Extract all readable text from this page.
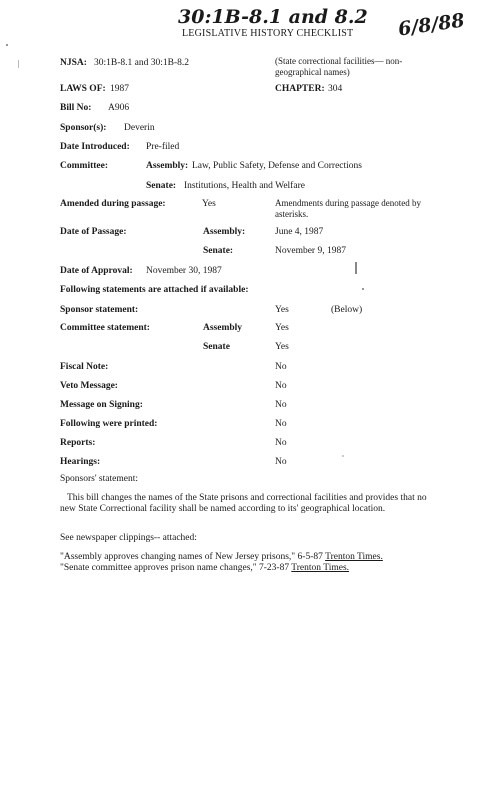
30:1B-8.1 and 8.2 6/8/88
LEGISLATIVE HISTORY CHECKLIST
NJSA: 30:1B-8.1 and 30:1B-8.2	(State correctional facilities— non-geographical names)
LAWS OF: 1987	CHAPTER: 304
Bill No: A906
Sponsor(s): Deverin
Date Introduced: Pre-filed
Committee:	Assembly: Law, Public Safety, Defense and Corrections
Senate: Institutions, Health and Welfare
Amended during passage:	Yes	Amendments during passage denoted by asterisks.
Date of Passage:	Assembly:	June 4, 1987
Senate:	November 9, 1987
Date of Approval: November 30, 1987
Following statements are attached if available:
Sponsor statement:	Yes	(Below)
Committee statement:	Assembly	Yes
Senate	Yes
Fiscal Note:	No
Veto Message:	No
Message on Signing:	No
Following were printed:	No
Reports:	No
Hearings:	No
Sponsors' statement:
This bill changes the names of the State prisons and correctional facilities and provides that no new State Correctional facility shall be named according to its' geographical location.
See newspaper clippings-- attached:
"Assembly approves changing names of New Jersey prisons," 6-5-87 Trenton Times.
"Senate committee approves prison name changes," 7-23-87 Trenton Times.
